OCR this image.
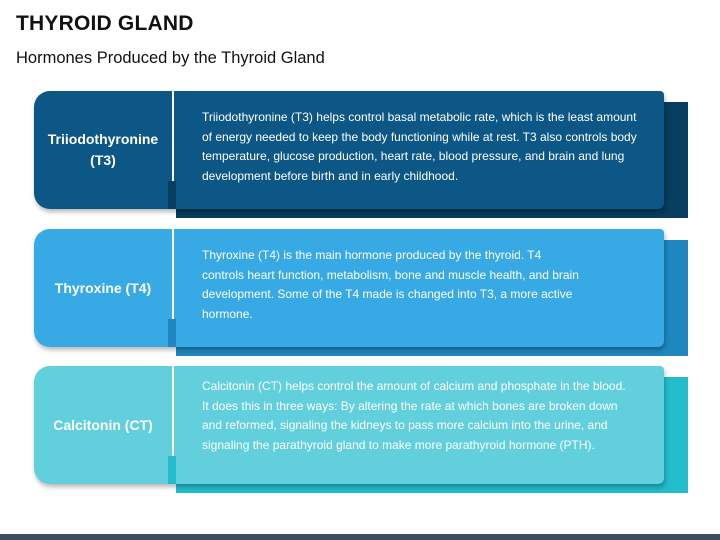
THYROID GLAND
Hormones Produced by the Thyroid Gland
Triiodothyronine (T3)
Triiodothyronine (T3) helps control basal metabolic rate, which is the least amount of energy needed to keep the body functioning while at rest. T3 also controls body temperature, glucose production, heart rate, blood pressure, and brain and lung development before birth and in early childhood.
Thyroxine (T4)
Thyroxine (T4) is the main hormone produced by the thyroid. T4 controls heart function, metabolism, bone and muscle health, and brain development. Some of the T4 made is changed into T3, a more active hormone.
Calcitonin (CT)
Calcitonin (CT) helps control the amount of calcium and phosphate in the blood. It does this in three ways: By altering the rate at which bones are broken down and reformed, signaling the kidneys to pass more calcium into the urine, and signaling the parathyroid gland to make more parathyroid hormone (PTH).
